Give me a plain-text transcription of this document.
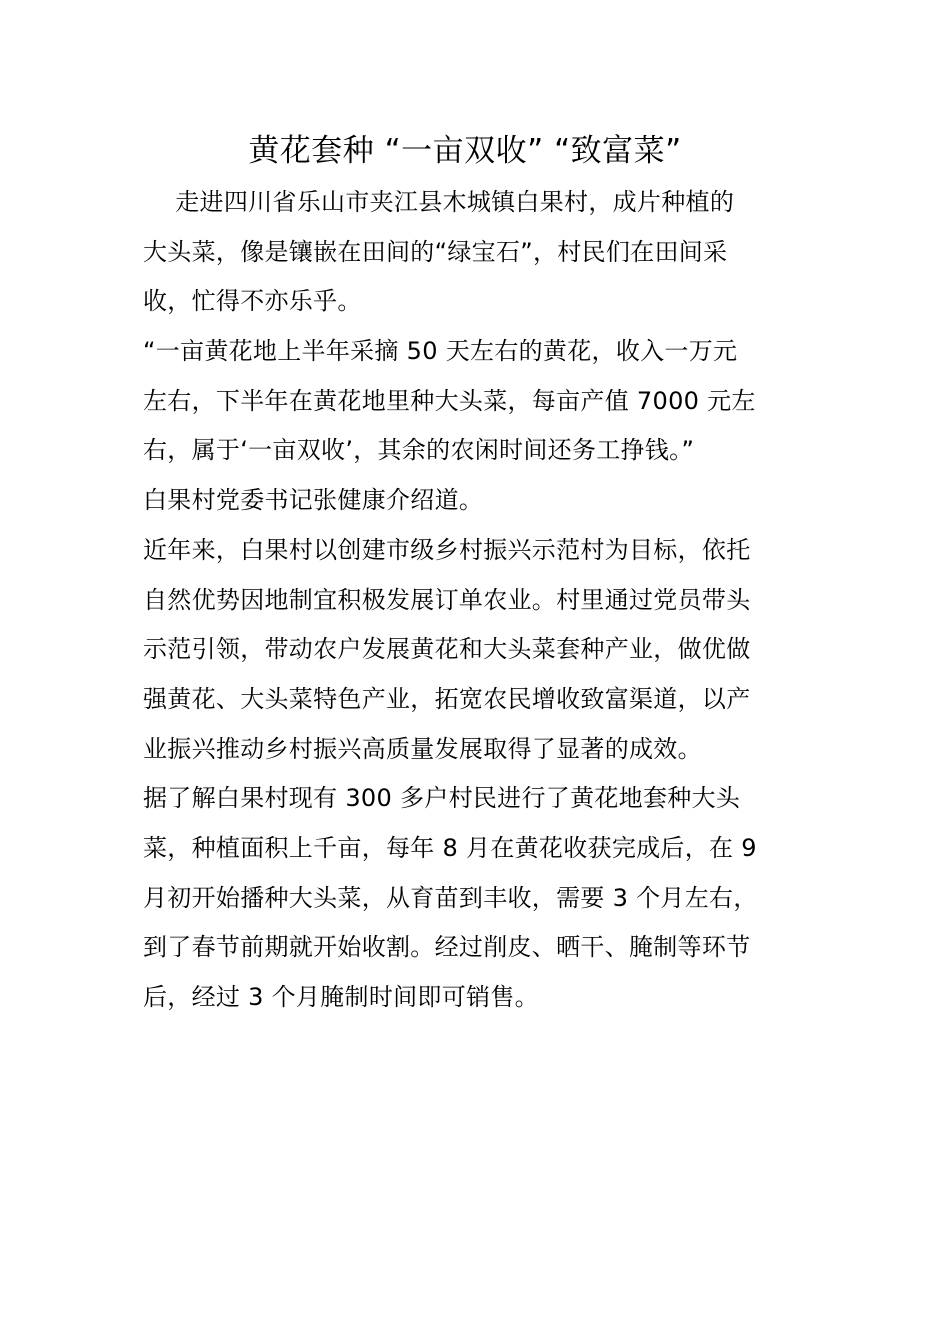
黄花套种 “一亩双收” “致富菜”
　 走进四川省乐山市夹江县木城镇白果村，成片种植的
大头菜，像是镶嵌在田间的“绿宝石”，村民们在田间采
收，忙得不亦乐乎。
“一亩黄花地上半年采摘 50 天左右的黄花，收入一万元
左右，下半年在黄花地里种大头菜，每亩产值 7000 元左
右，属于‘一亩双收’，其余的农闲时间还务工挣钱。”
白果村党委书记张健康介绍道。
近年来，白果村以创建市级乡村振兴示范村为目标，依托
自然优势因地制宜积极发展订单农业。村里通过党员带头
示范引领，带动农户发展黄花和大头菜套种产业，做优做
强黄花、大头菜特色产业，拓宽农民增收致富渠道，以产
业振兴推动乡村振兴高质量发展取得了显著的成效。
据了解白果村现有 300 多户村民进行了黄花地套种大头
菜，种植面积上千亩，每年 8 月在黄花收获完成后，在 9
月初开始播种大头菜，从育苗到丰收，需要 3 个月左右，
到了春节前期就开始收割。经过削皮、晒干、腌制等环节
后，经过 3 个月腌制时间即可销售。
